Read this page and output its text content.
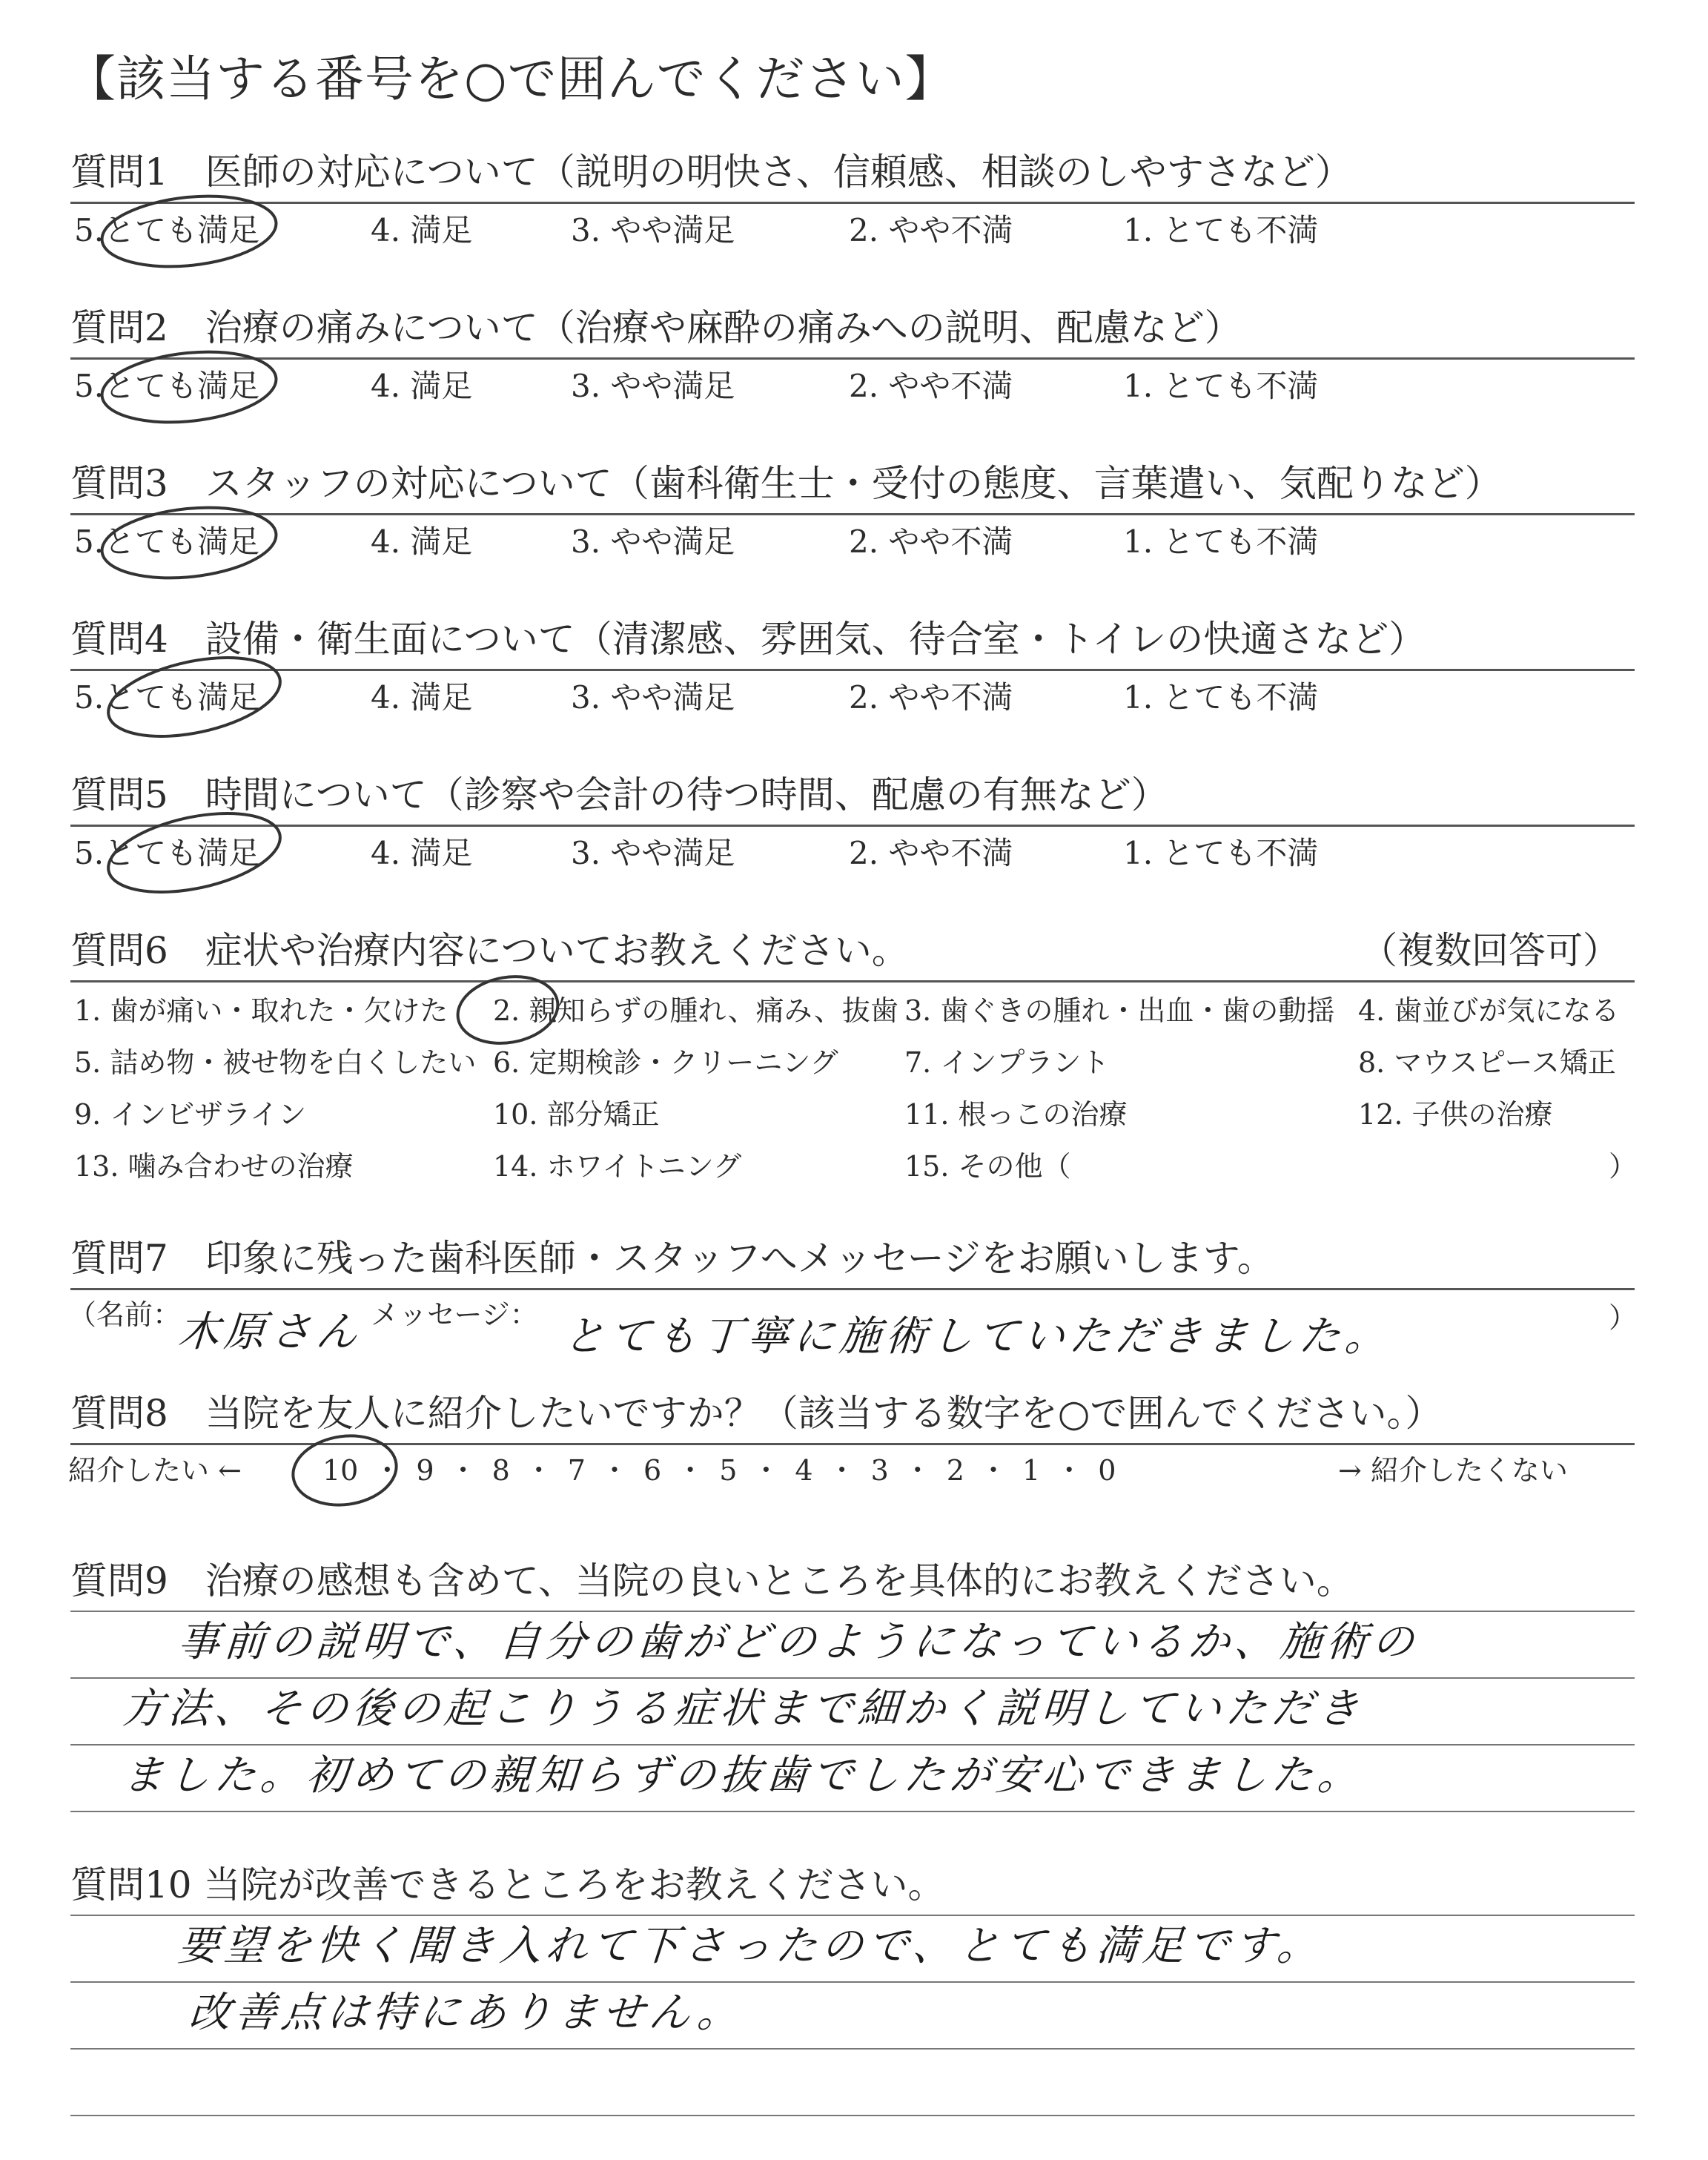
【該当する番号を○で囲んでください】
質問1　医師の対応について（説明の明快さ、信頼感、相談のしやすさなど）
5.とても満足	4. 満足	3. やや満足	2. やや不満	1. とても不満
質問2　治療の痛みについて（治療や麻酔の痛みへの説明、配慮など）
5.とても満足	4. 満足	3. やや満足	2. やや不満	1. とても不満
質問3　スタッフの対応について（歯科衛生士・受付の態度、言葉遣い、気配りなど）
5.とても満足	4. 満足	3. やや満足	2. やや不満	1. とても不満
質問4　設備・衛生面について（清潔感、雰囲気、待合室・トイレの快適さなど）
5.とても満足	4. 満足	3. やや満足	2. やや不満	1. とても不満
質問5　時間について（診察や会計の待つ時間、配慮の有無など）
5.とても満足	4. 満足	3. やや満足	2. やや不満	1. とても不満
質問6　症状や治療内容についてお教えください。	（複数回答可）
1. 歯が痛い・取れた・欠けた 2. 親知らずの腫れ、痛み、抜歯 3. 歯ぐきの腫れ・出血・歯の動揺 4. 歯並びが気になる
5. 詰め物・被せ物を白くしたい 6. 定期検診・クリーニング 7. インプラント	8. マウスピース矯正
9. インビザライン	10. 部分矯正	11. 根っこの治療	12. 子供の治療
13. 噛み合わせの治療	14. ホワイトニング	15. その他（	）
質問7　印象に残った歯科医師・スタッフへメッセージをお願いします。
（名前：
木原さん メッセージ： とても丁寧に施術していただきました。	）
質問8　当院を友人に紹介したいですか？（該当する数字を○で囲んでください。）
紹介したい ←	10 ・ 9 ・ 8 ・ 7 ・ 6 ・ 5 ・ 4 ・ 3 ・ 2 ・ 1 ・ 0	→ 紹介したくない
質問9　治療の感想も含めて、当院の良いところを具体的にお教えください。
事前の説明で、自分の歯がどのようになっているか、施術の
方法、その後の起こりうる症状まで細かく説明していただき
ました。初めての親知らずの抜歯でしたが安心できました。
質問10 当院が改善できるところをお教えください。
要望を快く聞き入れて下さったので、とても満足です。
改善点は特にありません。
